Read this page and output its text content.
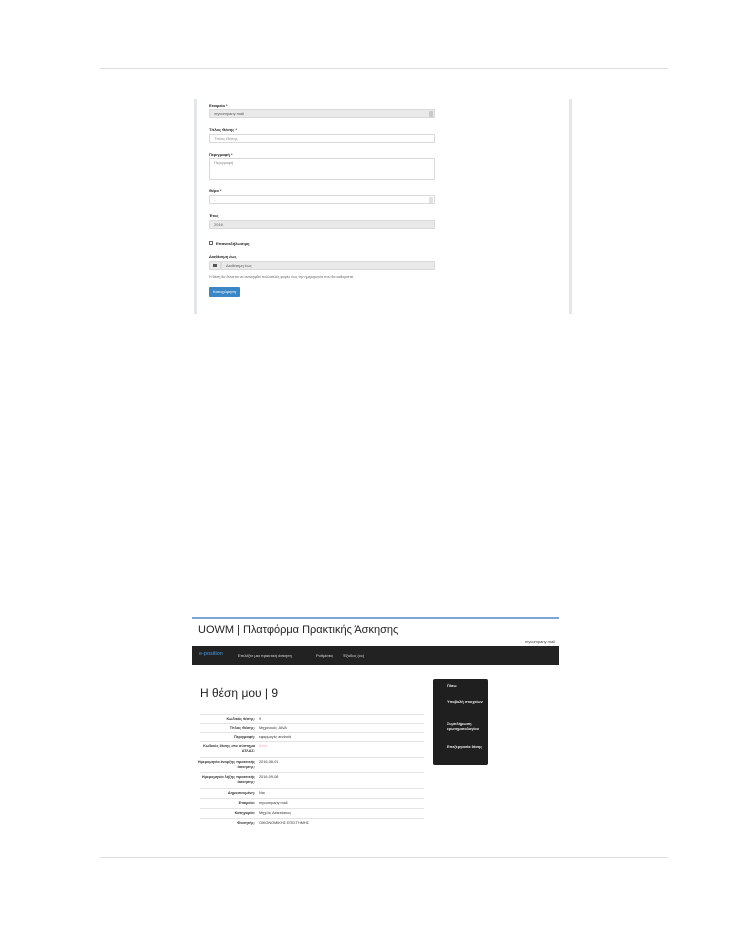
Εταιρεία *
mycompany mail
Τίτλος Θέσης *
Τίτλος Θέσης
Περιγραφή *
Περιγραφή
Θέμα *
-
Έτος
2016
Επανεκδήλωσιμη
Διαθέσιμη έως
Διαθέσιμη έως
Η θέση θα δύναται να αναληφθεί πολλαπλές φορές έως την ημερομηνία που θα καθοριστεί.
Καταχώρηση
UOWM | Πλατφόρμα Πρακτικής Άσκησης
mycompany mail
e-position	Επιλέξτε μια πρακτική άσκηση	Ρυθμίσεις Έξοδος (cc)
Η θέση μου | 9
Κωδικός θέσης: 9
Τίτλος Θέσης: Μηχανικός JAVA
Περιγραφή: εφαρμογές android
Κωδικός θέσης στο σύστημα ΑΤΛΑΣ:
Κενό
Ημερομηνία έναρξης πρακτικής άσκησης:
2016-06-01
Ημερομηνία λήξης πρακτικής άσκησης:
2016-09-08
Δημοσιευμένη: Ναι
Εταιρεία: mycompany mail
Κατηγορία: Μηχ/ός Διάκτύακος
Φοιτητής: ΟΙΚΟΝΟΜΙΚΗΣ ΕΠΙΣΤΗΜΗΣ
Πίσω
Υποβολή στοιχείων
Συμπλήρωση ερωτηματολογίου
Επεξεργασία θέσης
